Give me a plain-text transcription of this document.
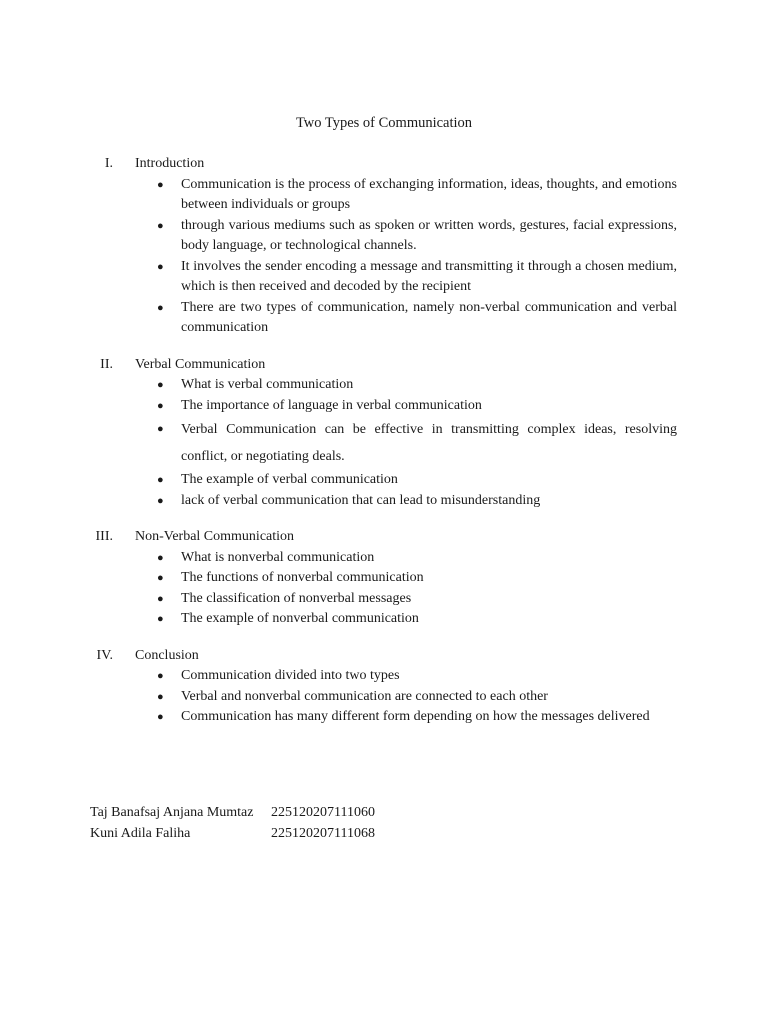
Two Types of Communication
I. Introduction
● Communication is the process of exchanging information, ideas, thoughts, and emotions between individuals or groups
● through various mediums such as spoken or written words, gestures, facial expressions, body language, or technological channels.
● It involves the sender encoding a message and transmitting it through a chosen medium, which is then received and decoded by the recipient
● There are two types of communication, namely non-verbal communication and verbal communication
II. Verbal Communication
● What is verbal communication
● The importance of language in verbal communication
● Verbal Communication can be effective in transmitting complex ideas, resolving conflict, or negotiating deals.
● The example of verbal communication
● lack of verbal communication that can lead to misunderstanding
III. Non-Verbal Communication
● What is nonverbal communication
● The functions of nonverbal communication
● The classification of nonverbal messages
● The example of nonverbal communication
IV. Conclusion
● Communication divided into two types
● Verbal and nonverbal communication are connected to each other
● Communication has many different form depending on how the messages delivered
Taj Banafsaj Anjana Mumtaz 225120207111060
Kuni Adila Faliha	225120207111068
